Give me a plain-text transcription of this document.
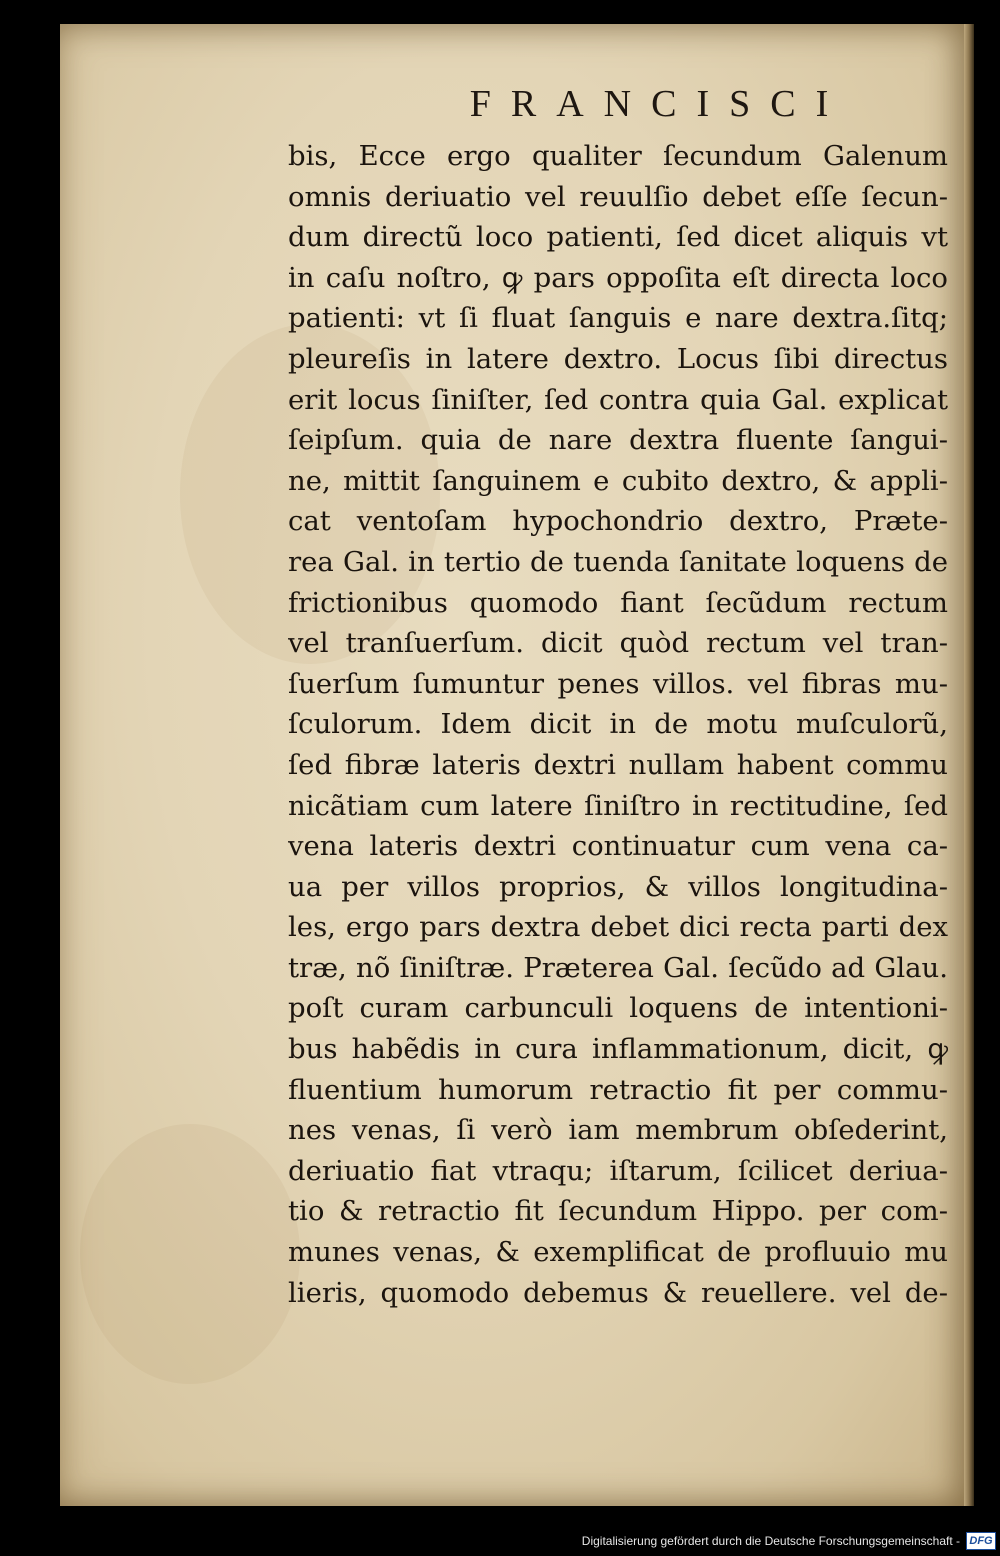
FRANCISCI
bis, Ecce ergo qualiter ſecundum Galenum
omnis deriuatio vel reuulſio debet eſſe ſecun-
dum directũ loco patienti, ſed dicet aliquis vt
in caſu noſtro, ꝙ pars oppoſita eſt directa loco
patienti: vt ſi fluat ſanguis e nare dextra.ſitq;
pleureſis in latere dextro. Locus ſibi directus
erit locus ſiniſter, ſed contra quia Gal. explicat
ſeipſum. quia de nare dextra fluente ſangui-
ne, mittit ſanguinem e cubito dextro, & appli-
cat ventoſam hypochondrio dextro, Præte-
rea Gal. in tertio de tuenda ſanitate loquens de
frictionibus quomodo fiant ſecũdum rectum
vel tranſuerſum. dicit quòd rectum vel tran-
ſuerſum ſumuntur penes villos. vel fibras mu-
ſculorum. Idem dicit in de motu muſculorũ,
ſed fibræ lateris dextri nullam habent commu
nicãtiam cum latere ſiniſtro in rectitudine, ſed
vena lateris dextri continuatur cum vena ca-
ua per villos proprios, & villos longitudina-
les, ergo pars dextra debet dici recta parti dex
træ, nõ ſiniſtræ. Præterea Gal. ſecũdo ad Glau.
poſt curam carbunculi loquens de intentioni-
bus habẽdis in cura inflammationum, dicit, ꝙ
fluentium humorum retractio fit per commu-
nes venas, ſi verò iam membrum obſederint,
deriuatio fiat vtraqu; iſtarum, ſcilicet deriua-
tio & retractio fit ſecundum Hippo. per com-
munes venas, & exemplificat de profluuio mu
lieris, quomodo debemus & reuellere. vel de-
Digitalisierung gefördert durch die Deutsche Forschungsgemeinschaft - DFG
